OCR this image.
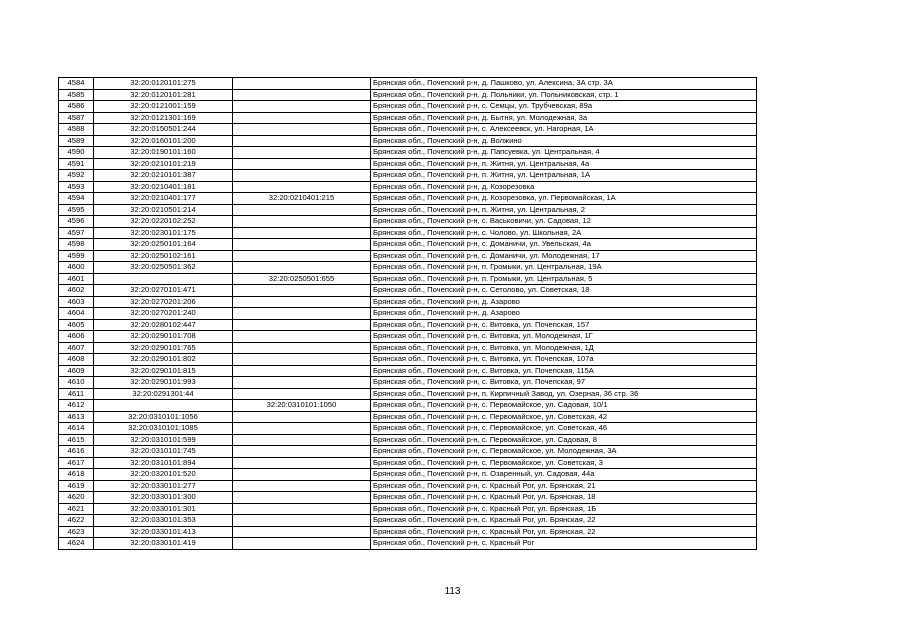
4584	32:20:0120101:275		Брянская обл., Почепский р-н, д. Пашково, ул. Алексина, 3А стр. 3А
4585	32:20:0120101:281		Брянская обл., Почепский р-н, д. Польники, ул. Польниковская, стр. 1
4586	32:20:0121001:159		Брянская обл., Почепский р-н, с. Семцы, ул. Трубчевская, 89а
4587	32:20:0121301:169		Брянская обл., Почепский р-н, д. Бытня, ул. Молодежная, 3а
4588	32:20:0150501:244		Брянская обл., Почепский р-н, с. Алексеевск, ул. Нагорная, 1А
4589	32:20:0160101:200		Брянская обл., Почепский р-н, д. Волжино
4590	32:20:0190101:160		Брянская обл., Почепский р-н, д. Папсуевка, ул. Центральная, 4
4591	32:20:0210101:219		Брянская обл., Почепский р-н, п. Житня, ул. Центральная, 4а
4592	32:20:0210101:387		Брянская обл., Почепский р-н, п. Житня, ул. Центральная, 1А
4593	32:20:0210401:181		Брянская обл., Почепский р-н, д. Козорезовка
4594	32:20:0210401:177	32:20:0210401:215	Брянская обл., Почепский р-н, д. Козорезовка, ул. Первомайская, 1А
4595	32:20:0210501:214		Брянская обл., Почепский р-н, п. Житня, ул. Центральная, 2
4596	32:20:0220102:252		Брянская обл., Почепский р-н, с. Васьковичи, ул. Садовая, 12
4597	32:20:0230101:175		Брянская обл., Почепский р-н, с. Чолово, ул. Школьная, 2А
4598	32:20:0250101:164		Брянская обл., Почепский р-н, с. Доманичи, ул. Увельская, 4а
4599	32:20:0250102:161		Брянская обл., Почепский р-н, с. Доманичи, ул. Молодежная, 17
4600	32:20:0250501:362		Брянская обл., Почепский р-н, п. Громыки, ул. Центральная, 19А
4601		32:20:0250501:655	Брянская обл., Почепский р-н, п. Громыки, ул. Центральная, 5
4602	32:20:0270101:471		Брянская обл., Почепский р-н, с. Сетолово, ул. Советская, 18
4603	32:20:0270201:206		Брянская обл., Почепский р-н, д. Азарово
4604	32:20:0270201:240		Брянская обл., Почепский р-н, д. Азарово
4605	32:20:0280102:447		Брянская обл., Почепский р-н, с. Витовка, ул. Почепская, 157
4606	32:20:0290101:708		Брянская обл., Почепский р-н, с. Витовка, ул. Молодежная, 1Г
4607	32:20:0290101:765		Брянская обл., Почепский р-н, с. Витовка, ул. Молодежная, 1Д
4608	32:20:0290101:802		Брянская обл., Почепский р-н, с. Витовка, ул. Почепская, 107а
4609	32:20:0290101:815		Брянская обл., Почепский р-н, с. Витовка, ул. Почепская, 115А
4610	32:20:0290101:993		Брянская обл., Почепский р-н, с. Витовка, ул. Почепская, 97
4611	32:20:0291301:44		Брянская обл., Почепский р-н, п. Кирпичный Завод, ул. Озерная, 36 стр. 36
4612		32:20:0310101:1050	Брянская обл., Почепский р-н, с. Первомайское, ул. Садовая, 10/1
4613	32:20:0310101:1056		Брянская обл., Почепский р-н, с. Первомайское, ул. Советская, 42
4614	32:20:0310101:1085		Брянская обл., Почепский р-н, с. Первомайское, ул. Советская, 46
4615	32:20:0310101:599		Брянская обл., Почепский р-н, с. Первомайское, ул. Садовая, 8
4616	32:20:0310101:745		Брянская обл., Почепский р-н, с. Первомайское, ул. Молодежная, 3А
4617	32:20:0310101:894		Брянская обл., Почепский р-н, с. Первомайское, ул. Советская, 3
4618	32:20:0320101:520		Брянская обл., Почепский р-н, п. Озаренный, ул. Садовая, 44а
4619	32:20:0330101:277		Брянская обл., Почепский р-н, с. Красный Рог, ул. Брянская, 21
4620	32:20:0330101:300		Брянская обл., Почепский р-н, с. Красный Рог, ул. Брянская, 18
4621	32:20:0330101:301		Брянская обл., Почепский р-н, с. Красный Рог, ул. Брянская, 1Б
4622	32:20:0330101:353		Брянская обл., Почепский р-н, с. Красный Рог, ул. Брянская, 22
4623	32:20:0330101:413		Брянская обл., Почепский р-н, с. Красный Рог, ул. Брянская, 22
4624	32:20:0330101:419		Брянская обл., Почепский р-н, с. Красный Рог
113
